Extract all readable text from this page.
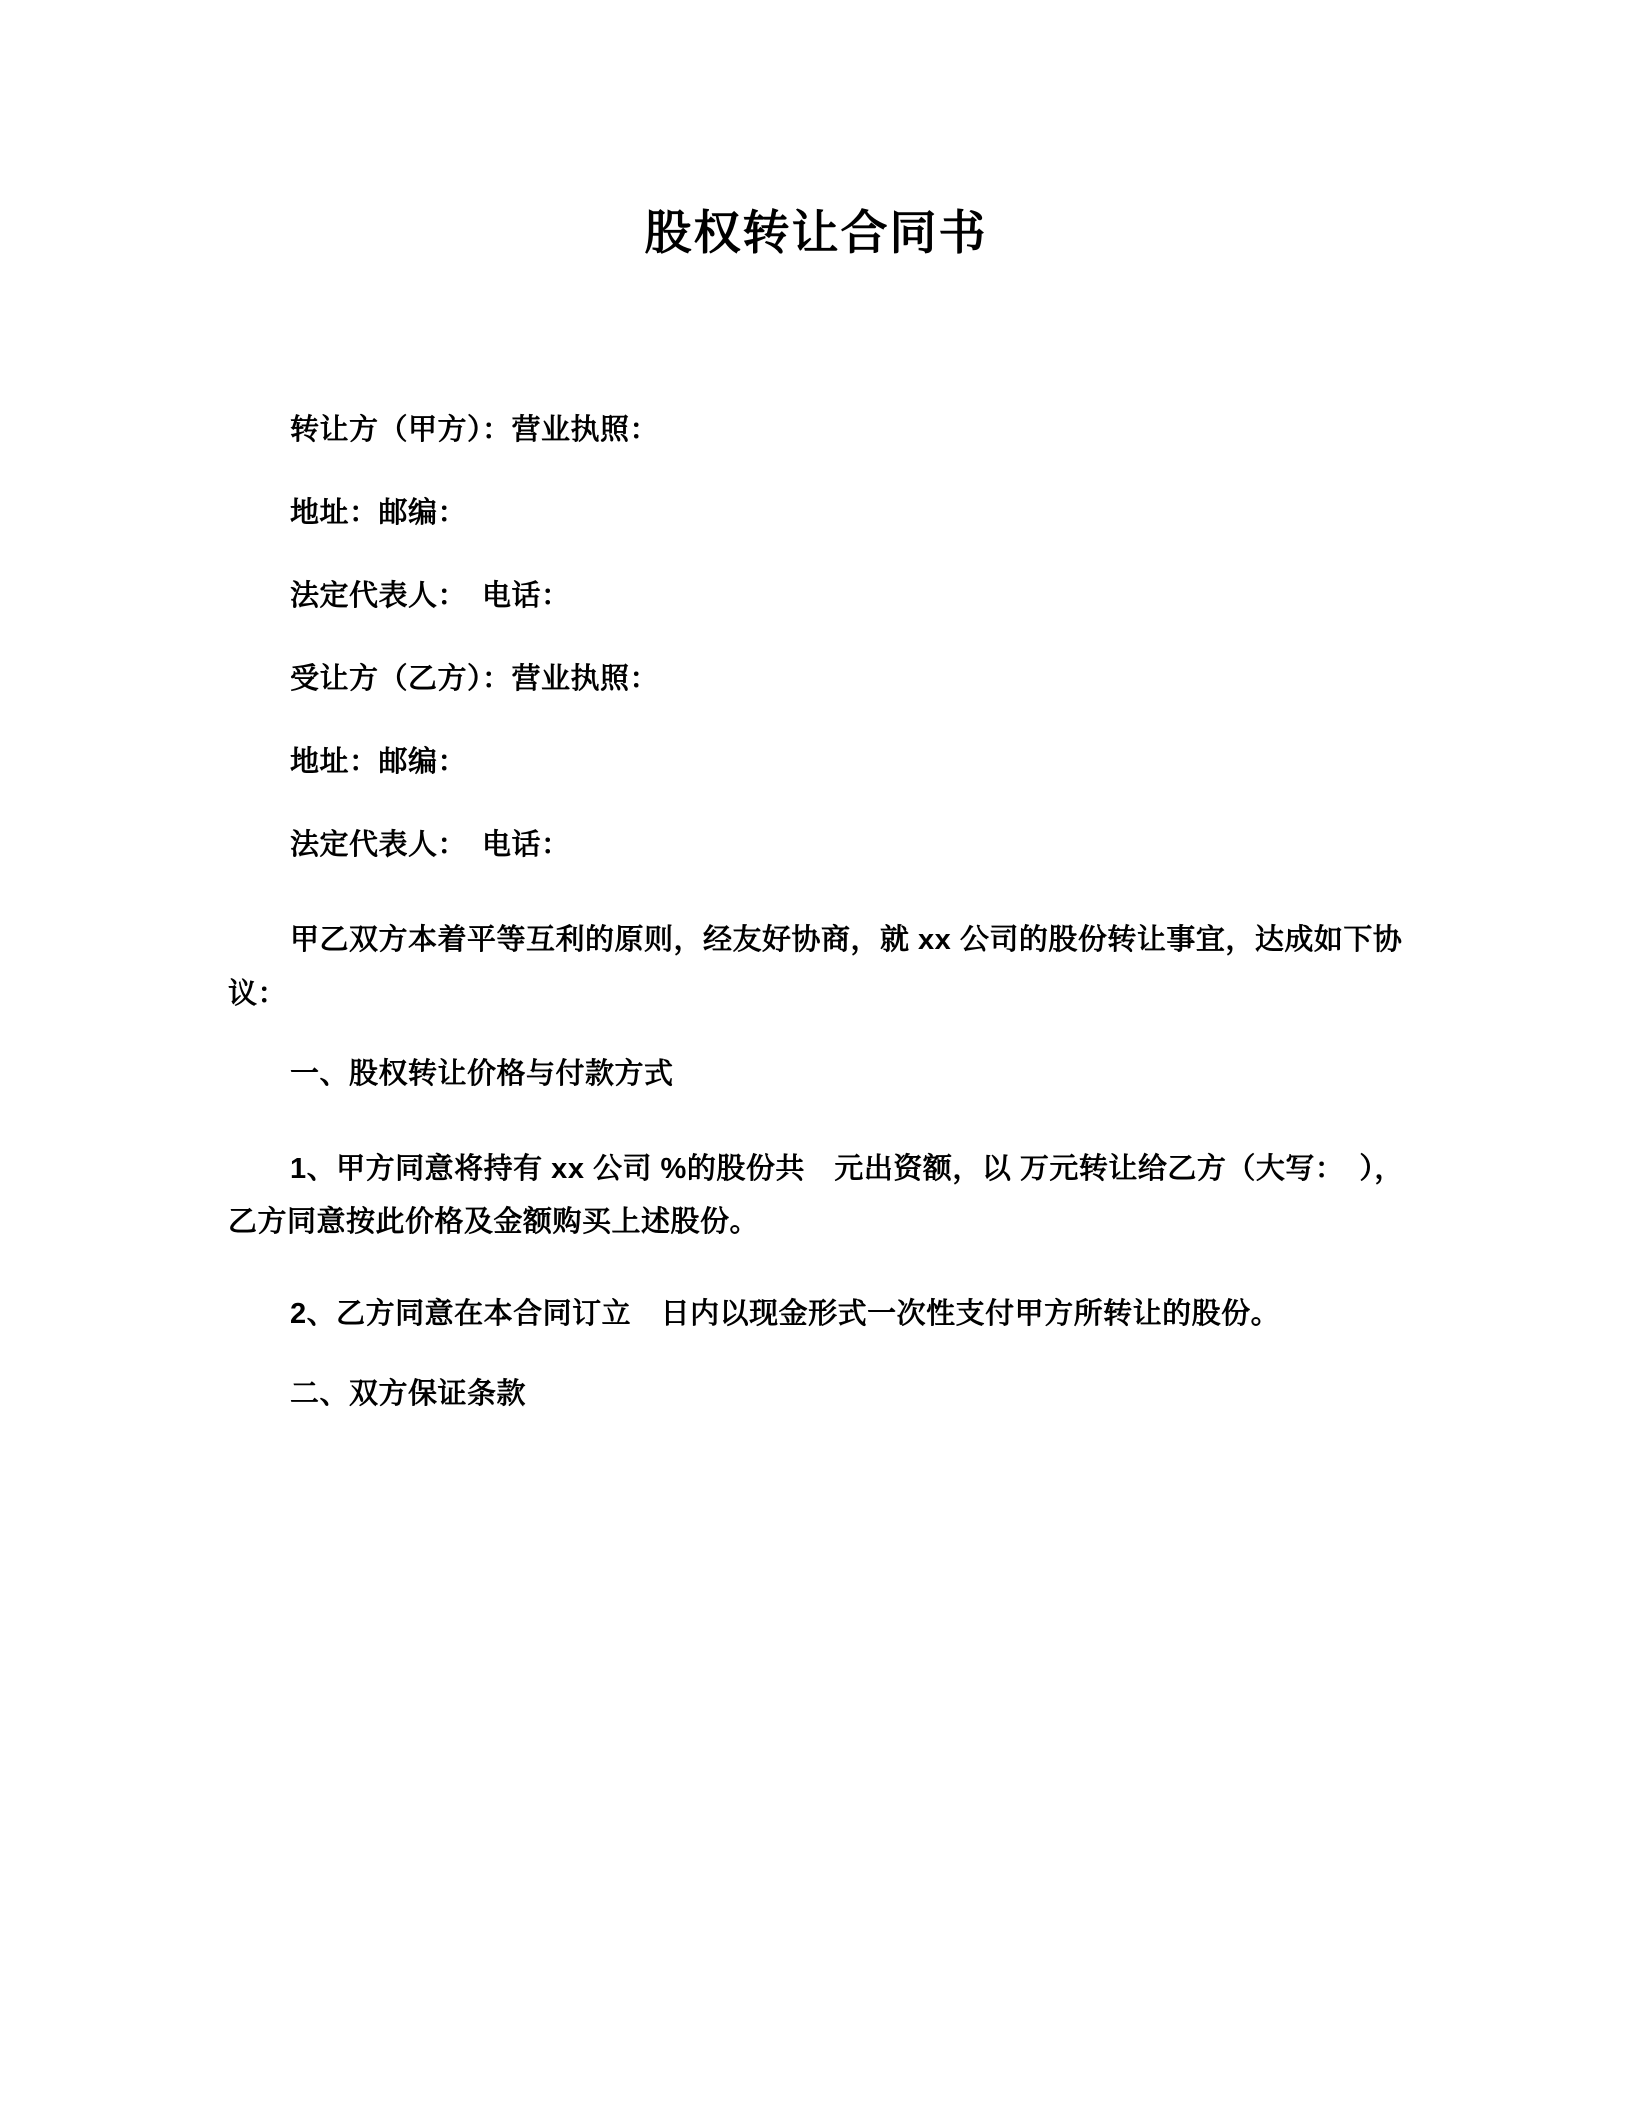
股权转让合同书

转让方（甲方）：营业执照：

地址：邮编：

法定代表人：　电话：

受让方（乙方）：营业执照：

地址：邮编：

法定代表人：　电话：

甲乙双方本着平等互利的原则，经友好协商，就 xx 公司的股份转让事宜，达成如下协议：

一、股权转让价格与付款方式

1、甲方同意将持有 xx 公司 %的股份共　元出资额，以 万元转让给乙方（大写：　），乙方同意按此价格及金额购买上述股份。

2、乙方同意在本合同订立　日内以现金形式一次性支付甲方所转让的股份。

二、双方保证条款
